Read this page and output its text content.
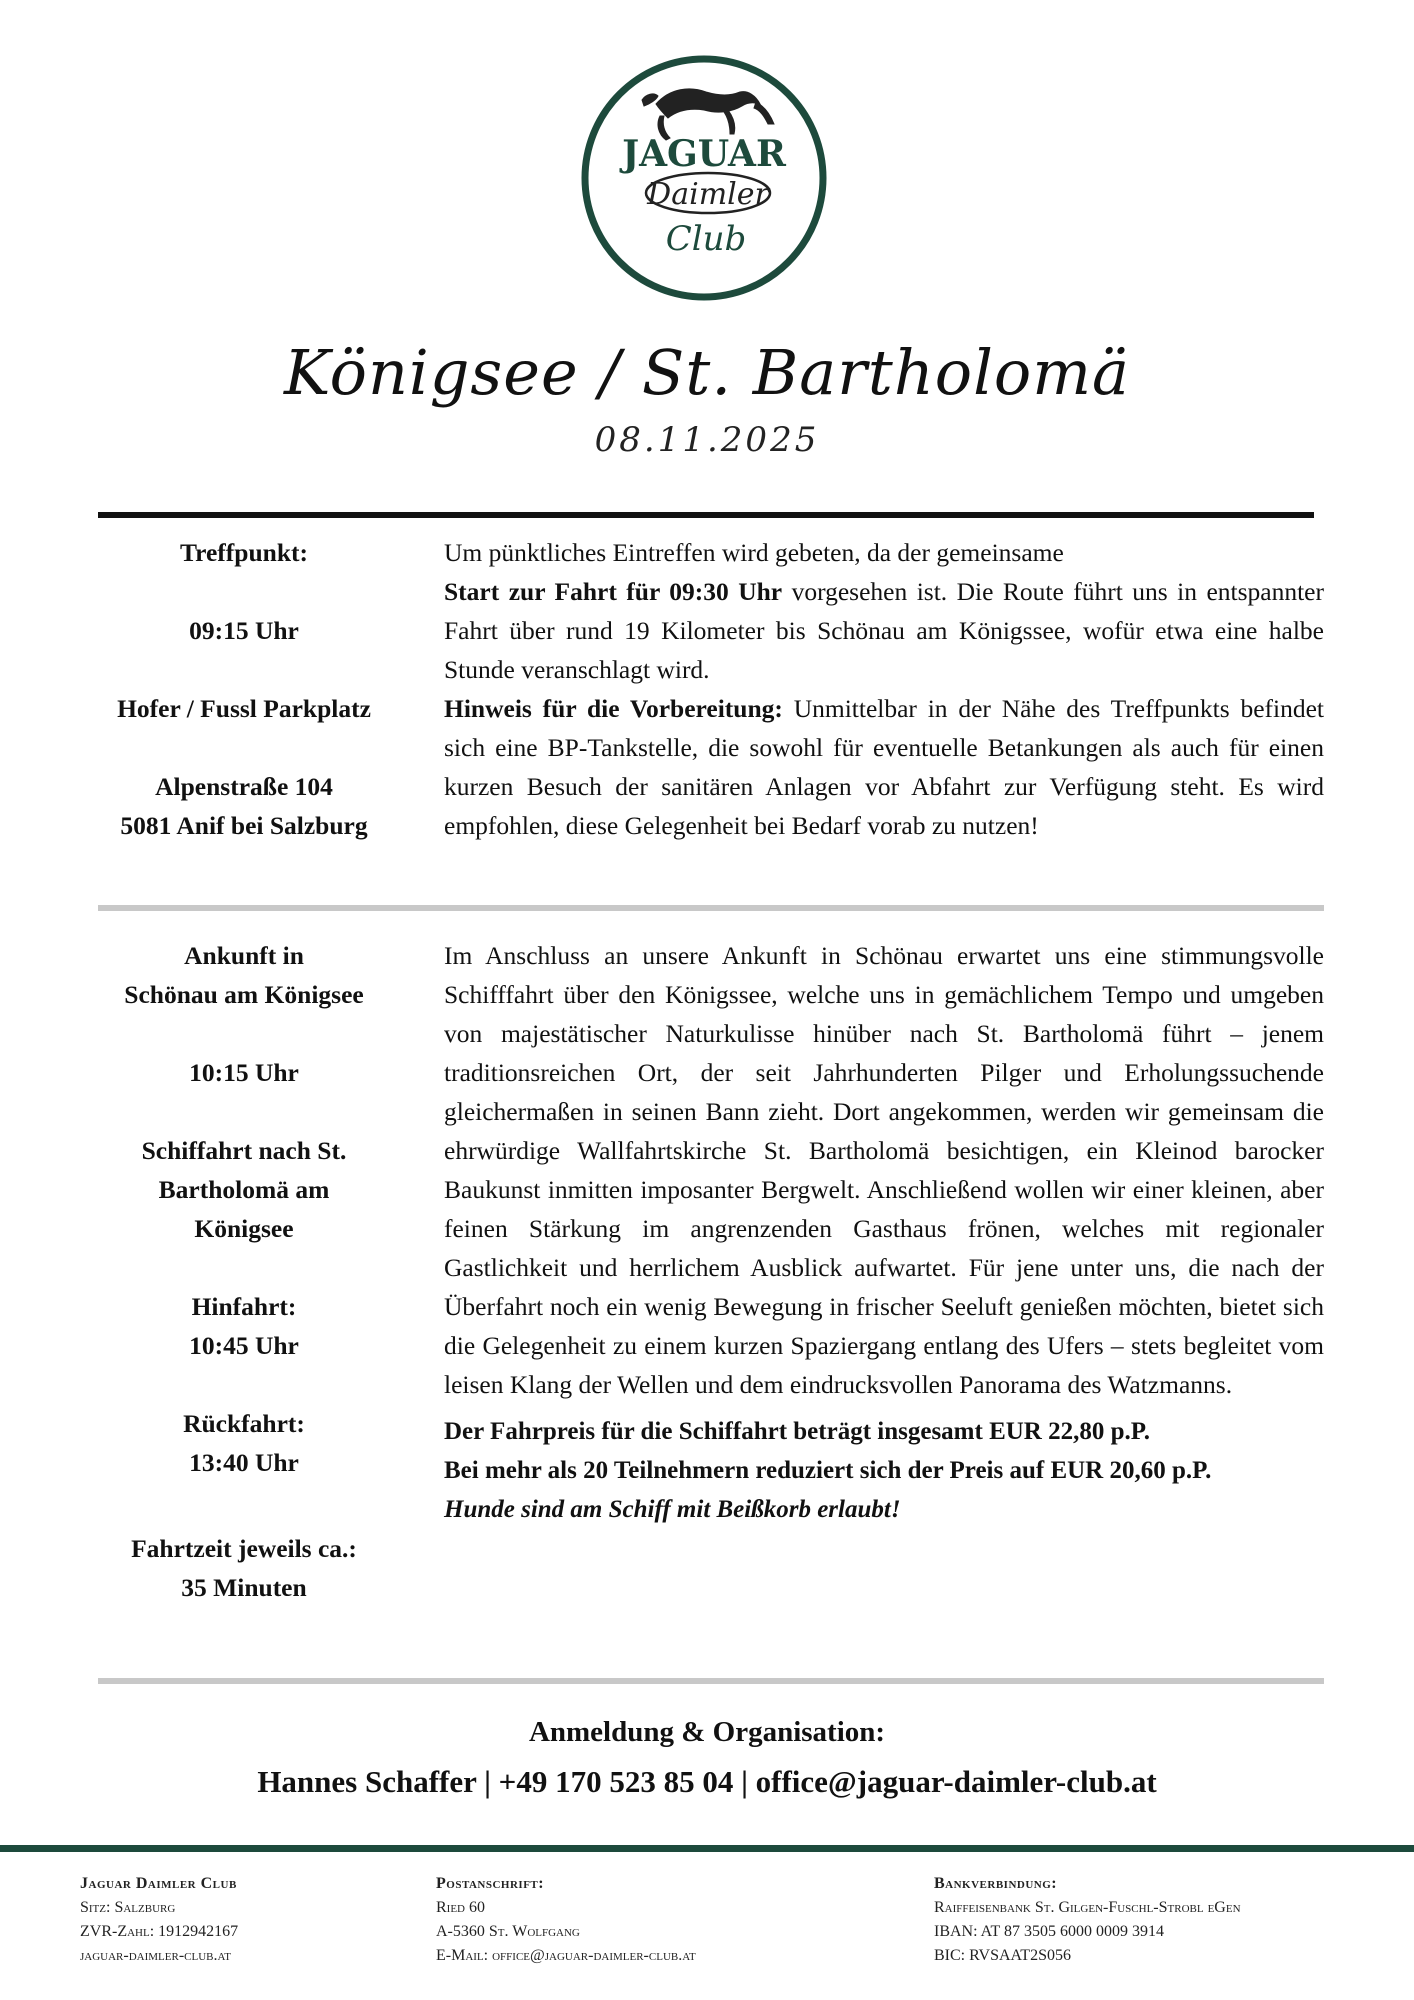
JAGUAR
Daimler
Club
Königsee / St. Bartholomä
08.11.2025

Treffpunkt:

09:15 Uhr

Hofer / Fussl Parkplatz

Alpenstraße 104

5081 Anif bei Salzburg

Um pünktliches Eintreffen wird gebeten, da der gemeinsame
Start zur Fahrt für 09:30 Uhr vorgesehen ist. Die Route führt uns in entspannter Fahrt über rund 19 Kilometer bis Schönau am Königssee, wofür etwa eine halbe Stunde veranschlagt wird.

Hinweis für die Vorbereitung: Unmittelbar in der Nähe des Treffpunkts befindet sich eine BP-Tankstelle, die sowohl für eventuelle Betankungen als auch für einen kurzen Besuch der sanitären Anlagen vor Abfahrt zur Verfügung steht. Es wird empfohlen, diese Gelegenheit bei Bedarf vorab zu nutzen!

Ankunft in

Schönau am Königsee

10:15 Uhr

Schiffahrt nach St.

Bartholomä am

Königsee

Hinfahrt:

10:45 Uhr

Rückfahrt:

13:40 Uhr

Fahrtzeit jeweils ca.:

35 Minuten

Im Anschluss an unsere Ankunft in Schönau erwartet uns eine stimmungsvolle Schifffahrt über den Königssee, welche uns in gemächlichem Tempo und umgeben von majestätischer Naturkulisse hinüber nach St. Bartholomä führt – jenem traditionsreichen Ort, der seit Jahrhunderten Pilger und Erholungssuchende gleichermaßen in seinen Bann zieht. Dort angekommen, werden wir gemeinsam die ehrwürdige Wallfahrtskirche St. Bartholomä besichtigen, ein Kleinod barocker Baukunst inmitten imposanter Bergwelt. Anschließend wollen wir einer kleinen, aber feinen Stärkung im angrenzenden Gasthaus frönen, welches mit regionaler Gastlichkeit und herrlichem Ausblick aufwartet. Für jene unter uns, die nach der Überfahrt noch ein wenig Bewegung in frischer Seeluft genießen möchten, bietet sich die Gelegenheit zu einem kurzen Spaziergang entlang des Ufers – stets begleitet vom leisen Klang der Wellen und dem eindrucksvollen Panorama des Watzmanns.

Der Fahrpreis für die Schiffahrt beträgt insgesamt EUR 22,80 p.P.

Bei mehr als 20 Teilnehmern reduziert sich der Preis auf EUR 20,60 p.P.

Hunde sind am Schiff mit Beißkorb erlaubt!

Anmeldung & Organisation:
Hannes Schaffer | +49 170 523 85 04 | office@jaguar-daimler-club.at
Jaguar Daimler Club
Sitz: Salzburg
ZVR-Zahl: 1912942167
jaguar-daimler-club.at
Postanschrift:
Ried 60
A-5360 St. Wolfgang
E-Mail: office@jaguar-daimler-club.at
Bankverbindung:
Raiffeisenbank St. Gilgen-Fuschl-Strobl eGen
IBAN: AT 87 3505 6000 0009 3914
BIC: RVSAAT2S056
